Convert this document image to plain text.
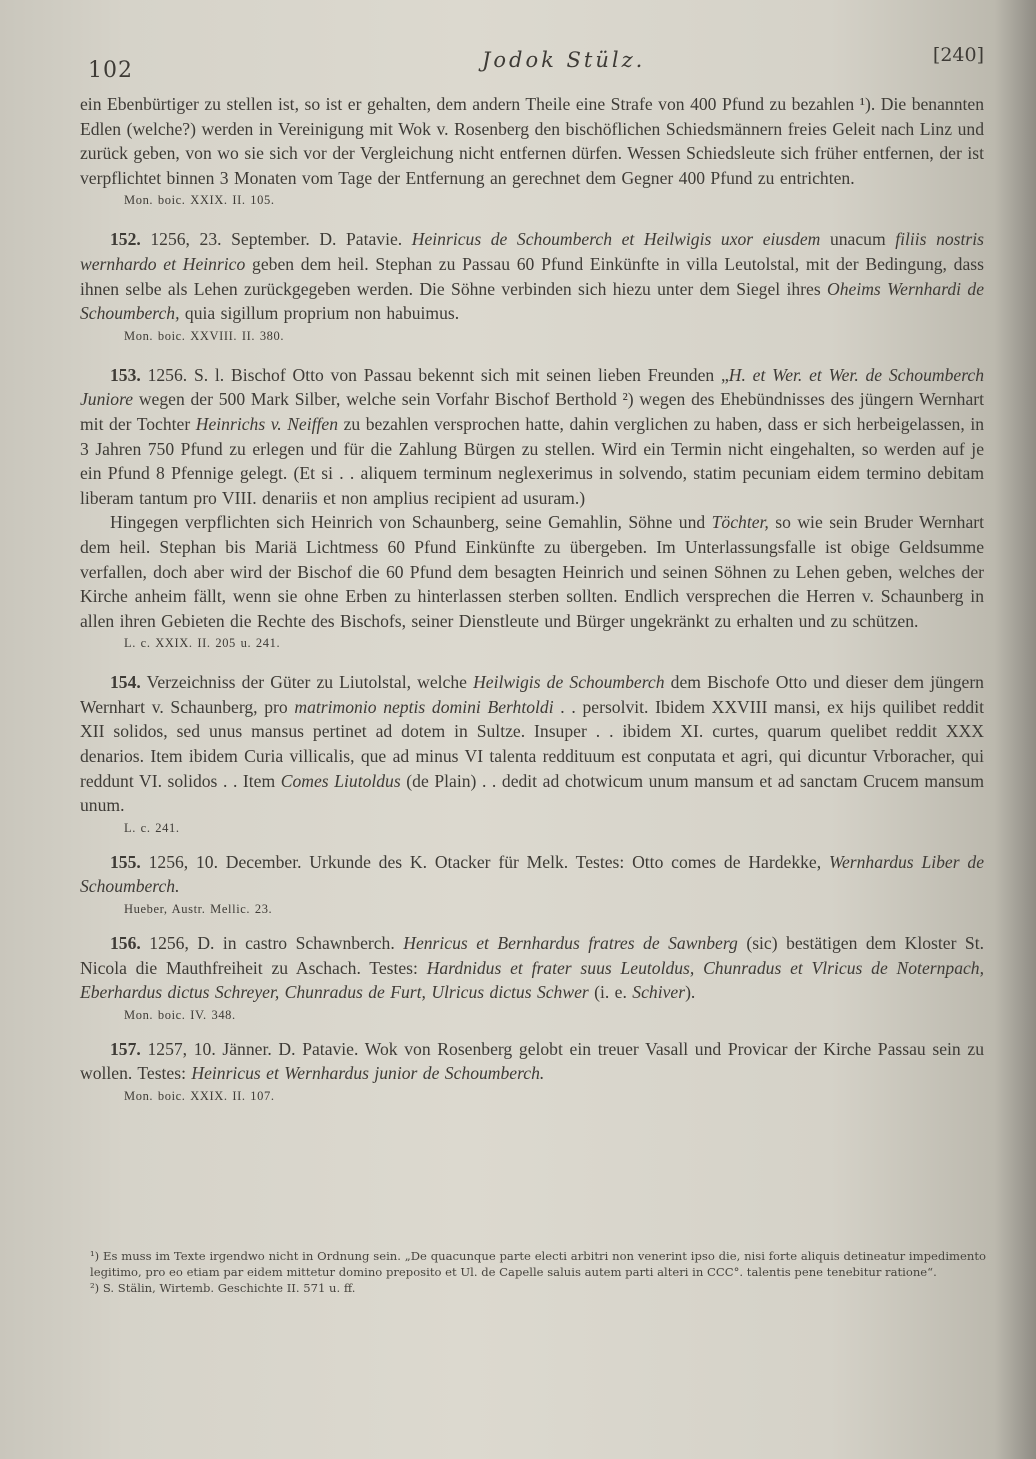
102	Jodok Stülz.	[240]

ein Ebenbürtiger zu stellen ist, so ist er gehalten, dem andern Theile eine Strafe von 400 Pfund zu bezahlen ¹). Die benannten Edlen (welche?) werden in Vereinigung mit Wok v. Rosenberg den bischöflichen Schiedsmännern freies Geleit nach Linz und zurück geben, von wo sie sich vor der Vergleichung nicht entfernen dürfen. Wessen Schiedsleute sich früher entfernen, der ist verpflichtet binnen 3 Monaten vom Tage der Entfernung an gerechnet dem Gegner 400 Pfund zu entrichten.

Mon. boic. XXIX. II. 105.

152. 1256, 23. September. D. Patavie. Heinricus de Schoumberch et Heilwigis uxor eiusdem unacum filiis nostris wernhardo et Heinrico geben dem heil. Stephan zu Passau 60 Pfund Einkünfte in villa Leutolstal, mit der Bedingung, dass ihnen selbe als Lehen zurückgegeben werden. Die Söhne verbinden sich hiezu unter dem Siegel ihres Oheims Wernhardi de Schoumberch, quia sigillum proprium non habuimus.

Mon. boic. XXVIII. II. 380.

153. 1256. S. l. Bischof Otto von Passau bekennt sich mit seinen lieben Freunden „H. et Wer. et Wer. de Schoumberch Juniore wegen der 500 Mark Silber, welche sein Vorfahr Bischof Berthold ²) wegen des Ehebündnisses des jüngern Wernhart mit der Tochter Heinrichs v. Neiffen zu bezahlen versprochen hatte, dahin verglichen zu haben, dass er sich herbeigelassen, in 3 Jahren 750 Pfund zu erlegen und für die Zahlung Bürgen zu stellen. Wird ein Termin nicht eingehalten, so werden auf je ein Pfund 8 Pfennige gelegt. (Et si . . aliquem terminum neglexerimus in solvendo, statim pecuniam eidem termino debitam liberam tantum pro VIII. denariis et non amplius recipient ad usuram.)

Hingegen verpflichten sich Heinrich von Schaunberg, seine Gemahlin, Söhne und Töchter, so wie sein Bruder Wernhart dem heil. Stephan bis Mariä Lichtmess 60 Pfund Einkünfte zu übergeben. Im Unterlassungsfalle ist obige Geldsumme verfallen, doch aber wird der Bischof die 60 Pfund dem besagten Heinrich und seinen Söhnen zu Lehen geben, welches der Kirche anheim fällt, wenn sie ohne Erben zu hinterlassen sterben sollten. Endlich versprechen die Herren v. Schaunberg in allen ihren Gebieten die Rechte des Bischofs, seiner Dienstleute und Bürger ungekränkt zu erhalten und zu schützen.

L. c. XXIX. II. 205 u. 241.

154. Verzeichniss der Güter zu Liutolstal, welche Heilwigis de Schoumberch dem Bischofe Otto und dieser dem jüngern Wernhart v. Schaunberg, pro matrimonio neptis domini Berhtoldi . . persolvit. Ibidem XXVIII mansi, ex hijs quilibet reddit XII solidos, sed unus mansus pertinet ad dotem in Sultze. Insuper . . ibidem XI. curtes, quarum quelibet reddit XXX denarios. Item ibidem Curia villicalis, que ad minus VI talenta reddituum est conputata et agri, qui dicuntur Vrboracher, qui reddunt VI. solidos . . Item Comes Liutoldus (de Plain) . . dedit ad chotwicum unum mansum et ad sanctam Crucem mansum unum.

L. c. 241.

155. 1256, 10. December. Urkunde des K. Otacker für Melk. Testes: Otto comes de Hardekke, Wernhardus Liber de Schoumberch.

Hueber, Austr. Mellic. 23.

156. 1256, D. in castro Schawnberch. Henricus et Bernhardus fratres de Sawnberg (sic) bestätigen dem Kloster St. Nicola die Mauthfreiheit zu Aschach. Testes: Hardnidus et frater suus Leutoldus, Chunradus et Vlricus de Noternpach, Eberhardus dictus Schreyer, Chunradus de Furt, Ulricus dictus Schwer (i. e. Schiver).

Mon. boic. IV. 348.

157. 1257, 10. Jänner. D. Patavie. Wok von Rosenberg gelobt ein treuer Vasall und Provicar der Kirche Passau sein zu wollen. Testes: Heinricus et Wernhardus junior de Schoumberch.

Mon. boic. XXIX. II. 107.

¹) Es muss im Texte irgendwo nicht in Ordnung sein. „De quacunque parte electi arbitri non venerint ipso die, nisi forte aliquis detineatur impedimento legitimo, pro eo etiam par eidem mittetur domino preposito et Ul. de Capelle saluis autem parti alteri in CCC°. talentis pene tenebitur ratione“.

²) S. Stälin, Wirtemb. Geschichte II. 571 u. ff.
